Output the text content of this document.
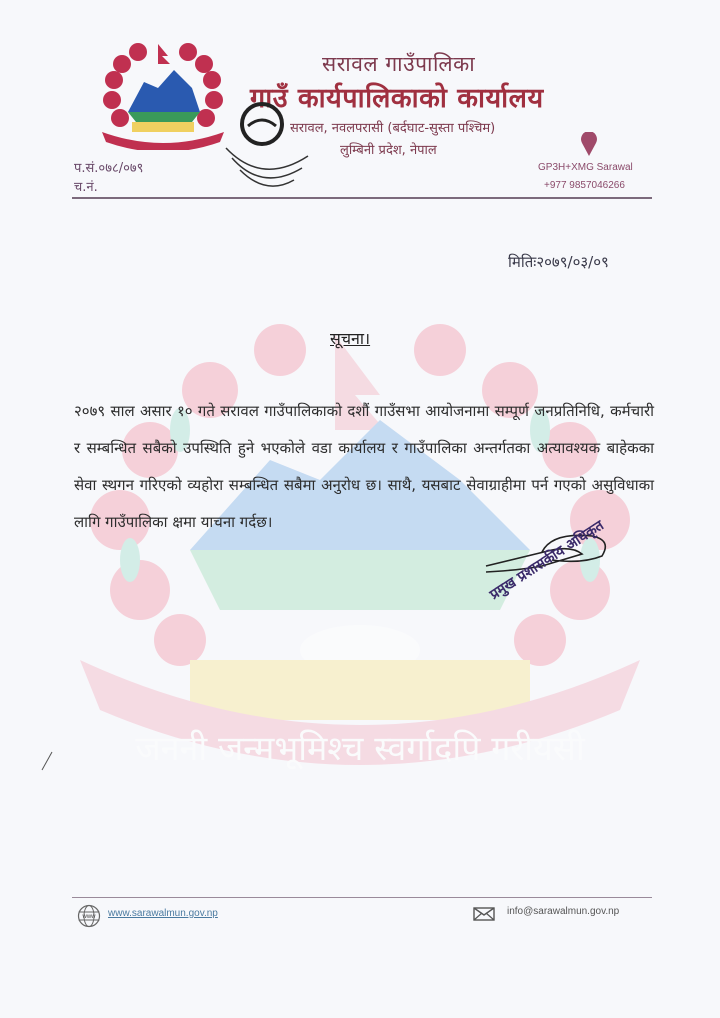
जननी जन्मभूमिश्च स्वर्गादपि गरीयसी
सरावल गाउँपालिका
गाउँ कार्यपालिकाको कार्यालय
सरावल, नवलपरासी (बर्दघाट-सुस्ता पश्चिम)
लुम्बिनी प्रदेश, नेपाल
प.सं.०७८/०७९
च.नं.
GP3H+XMG Sarawal
+977 9857046266
मितिः२०७९/०३/०९
सूचना।

२०७९ साल असार १० गते सरावल गाउँपालिकाको दशौं गाउँसभा आयोजनामा सम्पूर्ण जनप्रतिनिधि, कर्मचारी र सम्बन्धित सबैको उपस्थिति हुने भएकोले वडा कार्यालय र गाउँपालिका अन्तर्गतका अत्यावश्यक बाहेकका सेवा स्थगन गरिएको व्यहोरा सम्बन्धित सबैमा अनुरोध छ। साथै, यसबाट सेवाग्राहीमा पर्न गएको असुविधाका लागि गाउँपालिका क्षमा याचना गर्दछ।	प्रमुख प्रशासकीय अधिकृत
www www.sarawalmun.gov.np	info@sarawalmun.gov.np
